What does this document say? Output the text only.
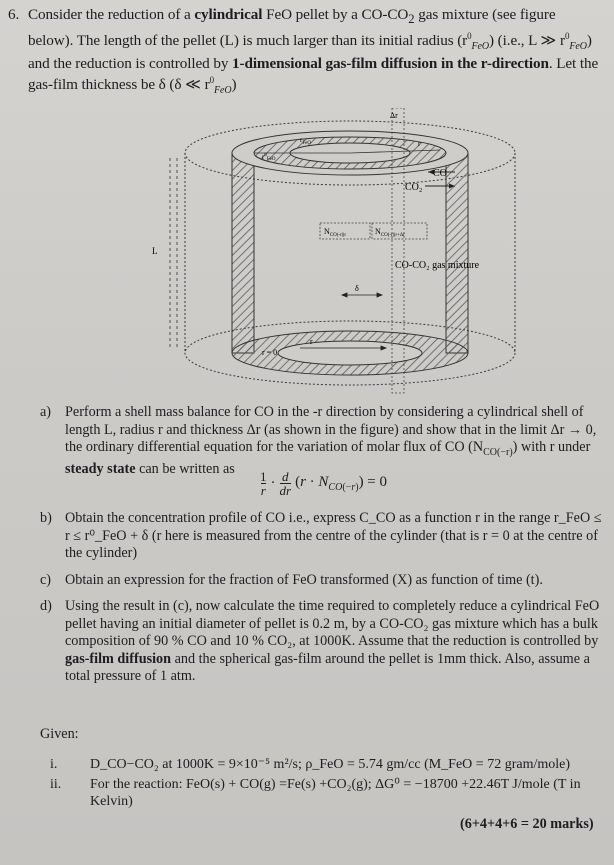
6. Consider the reduction of a cylindrical FeO pellet by a $CO-CO_2$ gas mixture (see figure below). The length of the pellet (L) is much larger than its initial radius $(r^0_{FeO})$ (i.e., L ≫ $r^0_{FeO}$) and the reduction is controlled by 1-dimensional gas-film diffusion in the r-direction. Let the gas-film thickness be δ (δ ≪ $r^0_{FeO}$)
Δr
$r_{FeO}$
$r^0_{FeO}$
r
CO
CO₂
$N_{CO(-r)|r}$	$N_{CO(-r)|r+\Delta r}$
CO-CO₂ gas mixture
L
δ
r
r = 0
a) Perform a shell mass balance for CO in the -r direction by considering a cylindrical shell of length L, radius r and thickness Δr (as shown in the figure) and show that in the limit Δr → 0, the ordinary differential equation for the variation of molar flux of CO $(N_{CO(-r)})$ with r under steady state can be written as	1
r · d
dr
$(r \cdot N_{CO(-r)}) = 0$
b) Obtain the concentration profile of CO i.e., express C_CO as a function r in the range r_FeO ≤ r ≤ r⁰_FeO + δ (r here is measured from the centre of the cylinder (that is r = 0 at the centre of the cylinder)
c) Obtain an expression for the fraction of FeO transformed (X) as function of time (t).
d) Using the result in (c), now calculate the time required to completely reduce a cylindrical FeO pellet having an initial diameter of pellet is 0.2 m, by a CO-CO₂ gas mixture which has a bulk composition of 90 % CO and 10 % CO₂, at 1000K. Assume that the reduction is controlled by gas-film diffusion and the spherical gas-film around the pellet is 1mm thick. Also, assume a total pressure of 1 atm.
Given:
i. D_CO−CO₂ at 1000K = 9×10⁻⁵ m²/s; ρ_FeO = 5.74 gm/cc (M_FeO = 72 gram/mole)
ii. For the reaction: FeO(s) + CO(g) =Fe(s) +CO₂(g); ΔG⁰ = −18700 +22.46T J/mole (T in Kelvin)
(6+4+4+6 = 20 marks)
